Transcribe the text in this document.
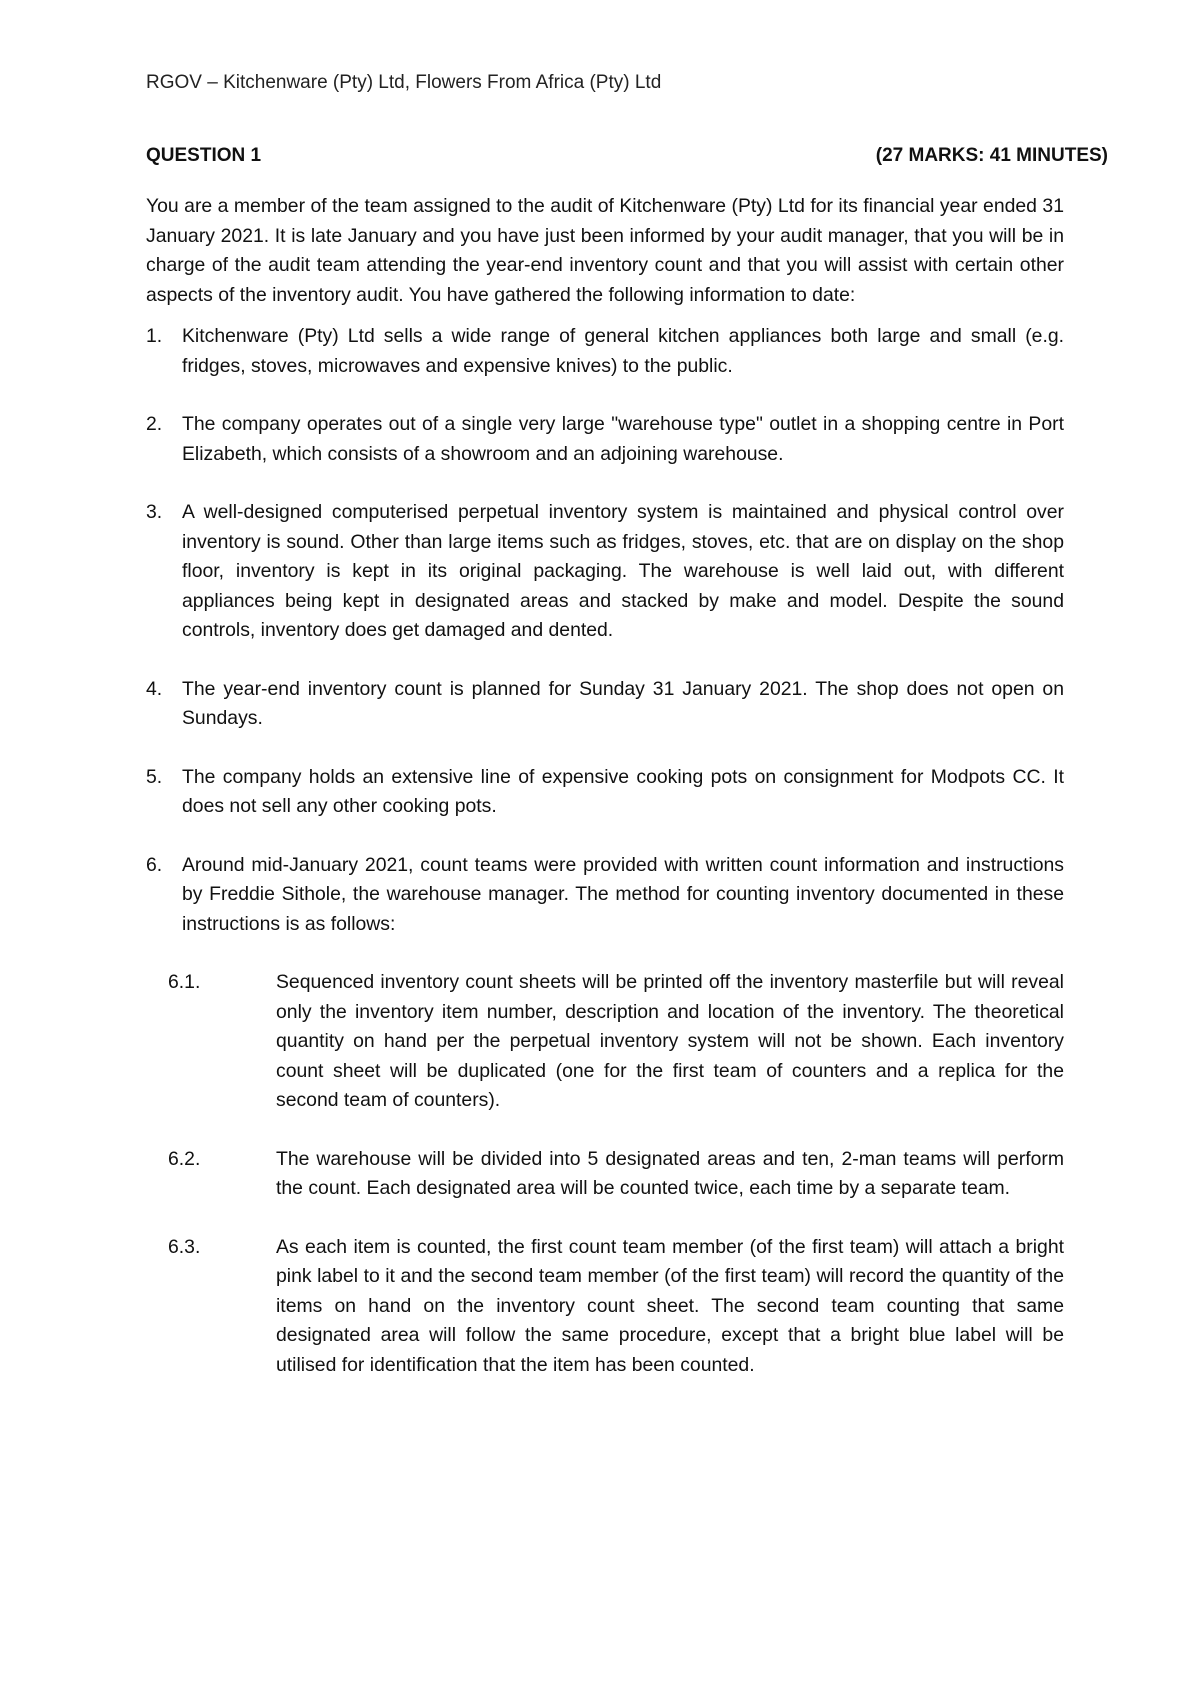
RGOV – Kitchenware (Pty) Ltd, Flowers From Africa (Pty) Ltd
QUESTION 1	(27 MARKS: 41 MINUTES)

You are a member of the team assigned to the audit of Kitchenware (Pty) Ltd for its financial year ended 31 January 2021. It is late January and you have just been informed by your audit manager, that you will be in charge of the audit team attending the year-end inventory count and that you will assist with certain other aspects of the inventory audit. You have gathered the following information to date:

1.	Kitchenware (Pty) Ltd sells a wide range of general kitchen appliances both large and small (e.g. fridges, stoves, microwaves and expensive knives) to the public.
2.	The company operates out of a single very large "warehouse type" outlet in a shopping centre in Port Elizabeth, which consists of a showroom and an adjoining warehouse.
3.	A well-designed computerised perpetual inventory system is maintained and physical control over inventory is sound. Other than large items such as fridges, stoves, etc. that are on display on the shop floor, inventory is kept in its original packaging. The warehouse is well laid out, with different appliances being kept in designated areas and stacked by make and model. Despite the sound controls, inventory does get damaged and dented.
4.	The year-end inventory count is planned for Sunday 31 January 2021. The shop does not open on Sundays.
5.	The company holds an extensive line of expensive cooking pots on consignment for Modpots CC. It does not sell any other cooking pots.
6.	Around mid-January 2021, count teams were provided with written count information and instructions by Freddie Sithole, the warehouse manager. The method for counting inventory documented in these instructions is as follows:
6.1.	Sequenced inventory count sheets will be printed off the inventory masterfile but will reveal only the inventory item number, description and location of the inventory. The theoretical quantity on hand per the perpetual inventory system will not be shown. Each inventory count sheet will be duplicated (one for the first team of counters and a replica for the second team of counters).
6.2.	The warehouse will be divided into 5 designated areas and ten, 2-man teams will perform the count. Each designated area will be counted twice, each time by a separate team.
6.3.	As each item is counted, the first count team member (of the first team) will attach a bright pink label to it and the second team member (of the first team) will record the quantity of the items on hand on the inventory count sheet. The second team counting that same designated area will follow the same procedure, except that a bright blue label will be utilised for identification that the item has been counted.
